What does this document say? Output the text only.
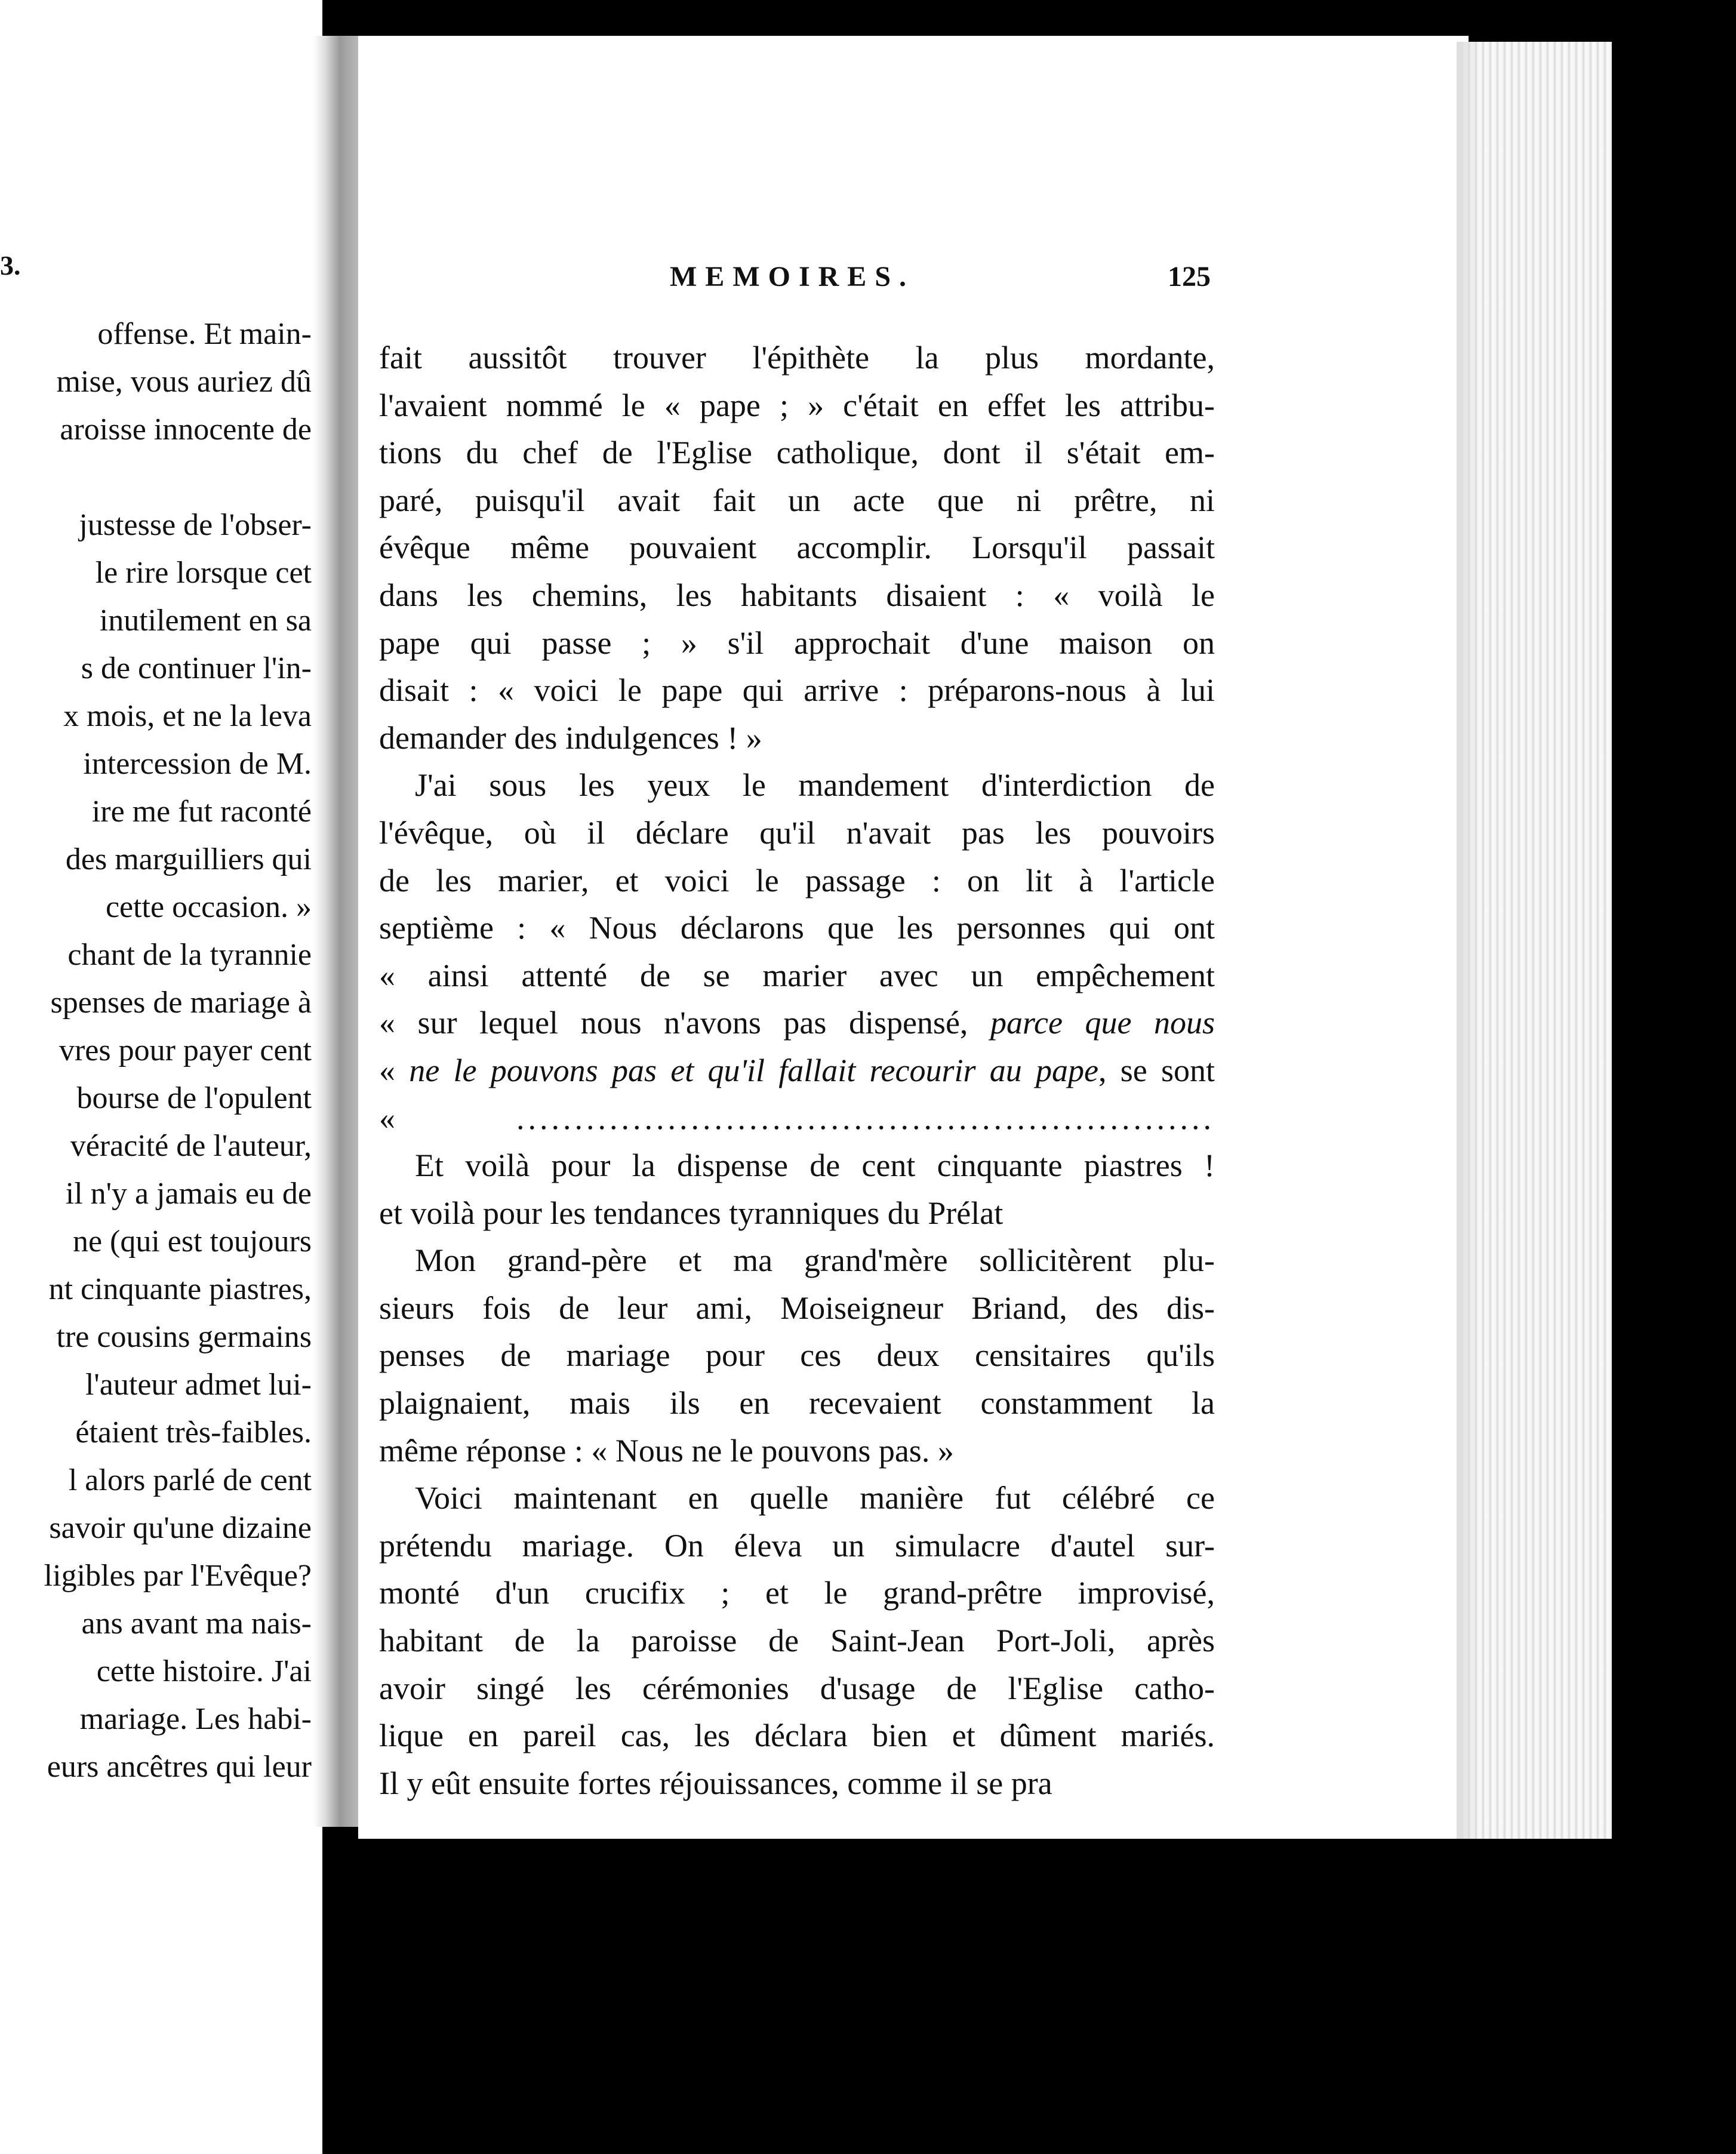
3.
offense. Et main-
mise, vous auriez dû
aroisse innocente de
justesse de l'obser-
le rire lorsque cet
inutilement en sa
s de continuer l'in-
x mois, et ne la leva
intercession de M.
ire me fut raconté
des marguilliers qui
cette occasion. »
chant de la tyrannie
spenses de mariage à
vres pour payer cent
bourse de l'opulent
véracité de l'auteur,
il n'y a jamais eu de
ne (qui est toujours
nt cinquante piastres,
tre cousins germains
l'auteur admet lui-
étaient très-faibles.
l alors parlé de cent
savoir qu'une dizaine
ligibles par l'Evêque?
ans avant ma nais-
cette histoire. J'ai
mariage. Les habi-
eurs ancêtres qui leur
MEMOIRES.	125
fait aussitôt trouver l'épithète la plus mordante,
l'avaient nommé le « pape ; » c'était en effet les attribu-
tions du chef de l'Eglise catholique, dont il s'était em-
paré, puisqu'il avait fait un acte que ni prêtre, ni
évêque même pouvaient accomplir. Lorsqu'il passait
dans les chemins, les habitants disaient : « voilà le
pape qui passe ; » s'il approchait d'une maison on
disait : « voici le pape qui arrive : préparons-nous à lui
demander des indulgences ! »
J'ai sous les yeux le mandement d'interdiction de
l'évêque, où il déclare qu'il n'avait pas les pouvoirs
de les marier, et voici le passage : on lit à l'article
septième : « Nous déclarons que les personnes qui ont
« ainsi attenté de se marier avec un empêchement
« sur lequel nous n'avons pas dispensé, parce que nous
« ne le pouvons pas et qu'il fallait recourir au pape, se sont
« ............................................................
Et voilà pour la dispense de cent cinquante piastres !
et voilà pour les tendances tyranniques du Prélat
Mon grand-père et ma grand'mère sollicitèrent plu-
sieurs fois de leur ami, Moiseigneur Briand, des dis-
penses de mariage pour ces deux censitaires qu'ils
plaignaient, mais ils en recevaient constamment la
même réponse : « Nous ne le pouvons pas. »
Voici maintenant en quelle manière fut célébré ce
prétendu mariage. On éleva un simulacre d'autel sur-
monté d'un crucifix ; et le grand-prêtre improvisé,
habitant de la paroisse de Saint-Jean Port-Joli, après
avoir singé les cérémonies d'usage de l'Eglise catho-
lique en pareil cas, les déclara bien et dûment mariés.
Il y eût ensuite fortes réjouissances, comme il se pra
